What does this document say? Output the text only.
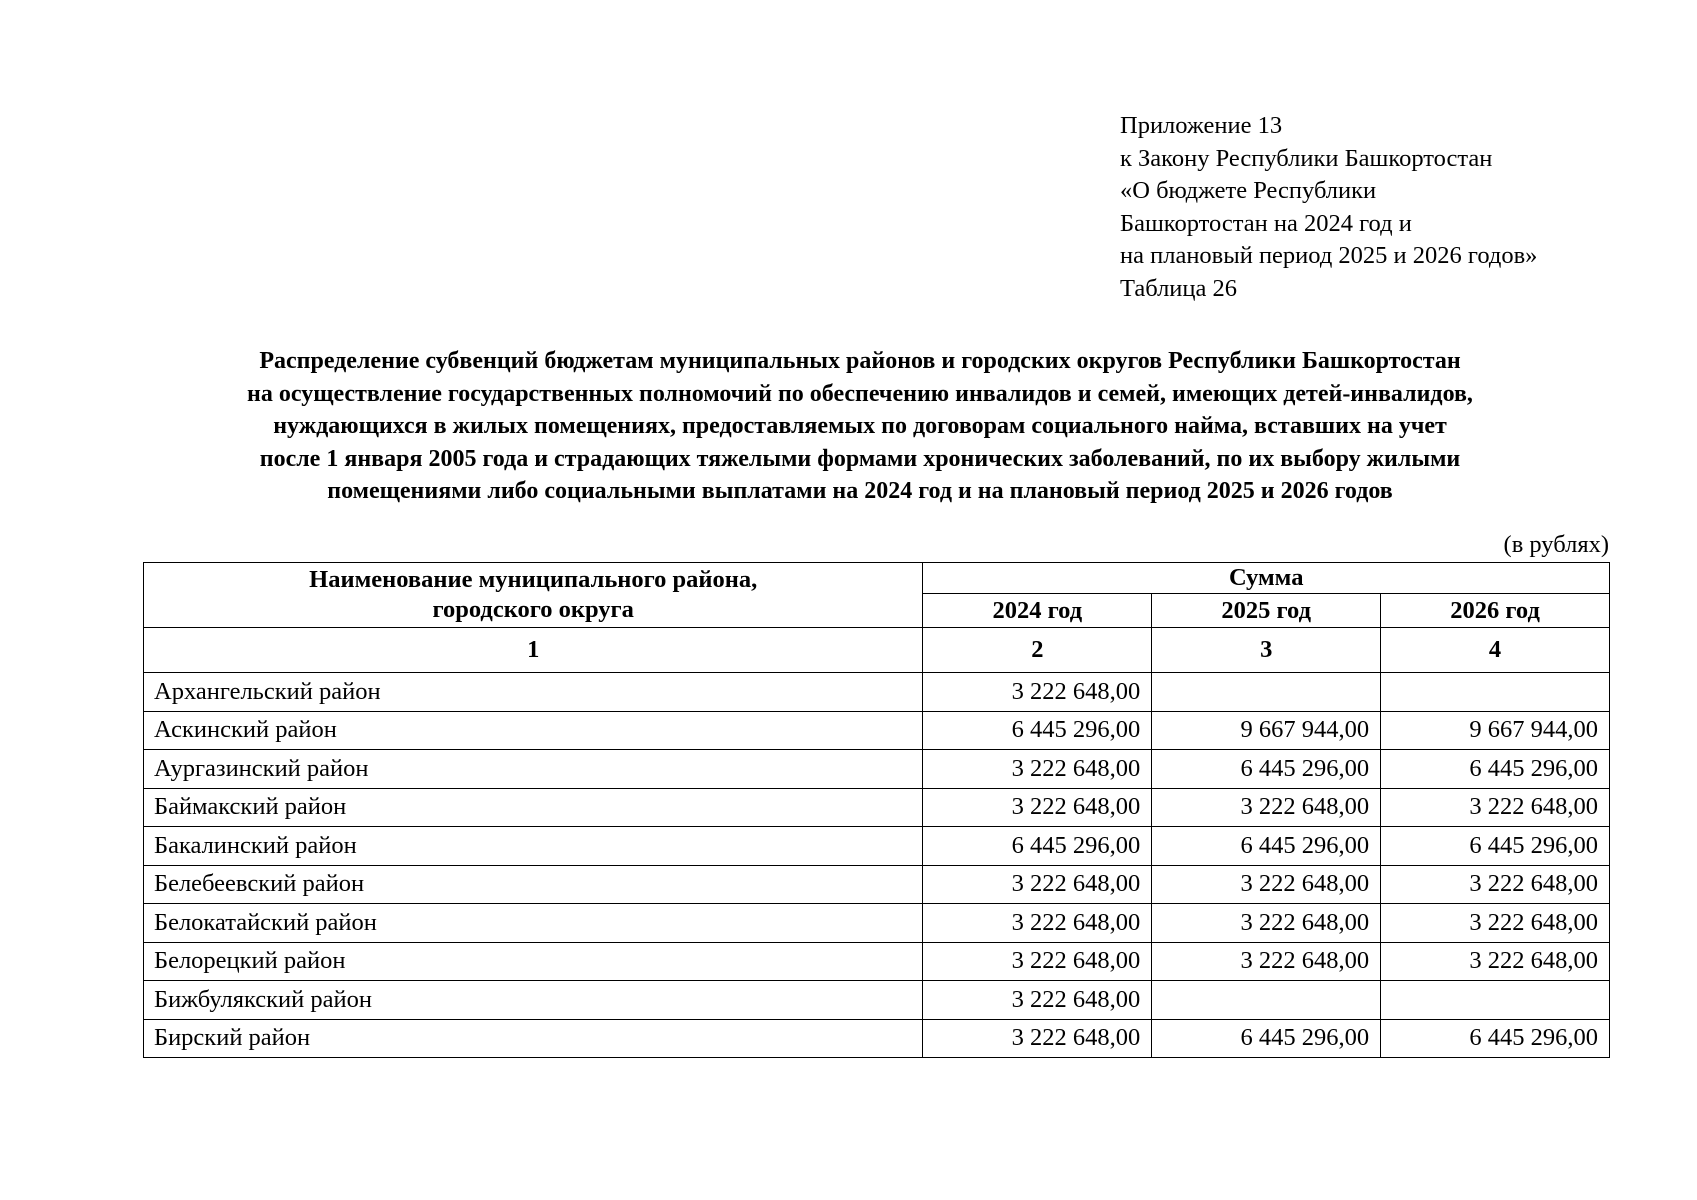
Приложение 13
к Закону Республики Башкортостан
«О бюджете Республики
Башкортостан на 2024 год и
на плановый период 2025 и 2026 годов»
Таблица 26
Распределение субвенций бюджетам муниципальных районов и городских округов Республики Башкортостан
на осуществление государственных полномочий по обеспечению инвалидов и семей, имеющих детей-инвалидов,
нуждающихся в жилых помещениях, предоставляемых по договорам социального найма, вставших на учет
после 1 января 2005 года и страдающих тяжелыми формами хронических заболеваний, по их выбору жилыми
помещениями либо социальными выплатами на 2024 год и на плановый период 2025 и 2026 годов
(в рублях)
Наименование муниципального района,
городского округа	Сумма		
	2024 год	2025 год	2026 год
1	2	3	4
Архангельский район	3 222 648,00		
Аскинский район	6 445 296,00	9 667 944,00	9 667 944,00
Аургазинский район	3 222 648,00	6 445 296,00	6 445 296,00
Баймакский район	3 222 648,00	3 222 648,00	3 222 648,00
Бакалинский район	6 445 296,00	6 445 296,00	6 445 296,00
Белебеевский район	3 222 648,00	3 222 648,00	3 222 648,00
Белокатайский район	3 222 648,00	3 222 648,00	3 222 648,00
Белорецкий район	3 222 648,00	3 222 648,00	3 222 648,00
Бижбулякский район	3 222 648,00		
Бирский район	3 222 648,00	6 445 296,00	6 445 296,00
